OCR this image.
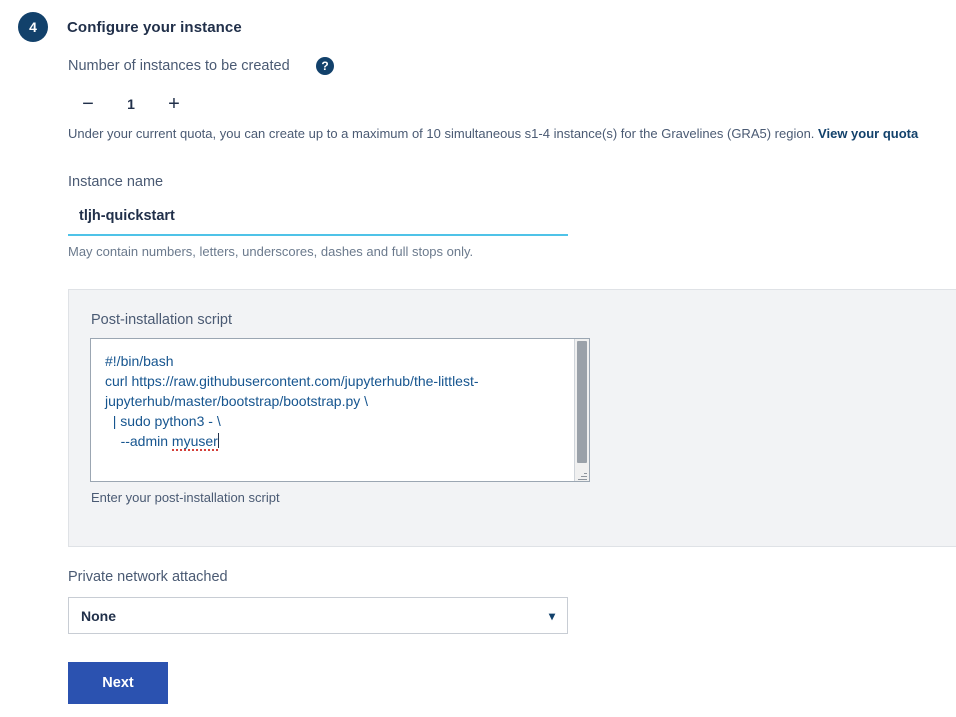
4	Configure your instance
Number of instances to be created	?
−	1	+
Under your current quota, you can create up to a maximum of 10 simultaneous s1-4 instance(s) for the Gravelines (GRA5) region. View your quota
Instance name
tljh-quickstart
May contain numbers, letters, underscores, dashes and full stops only.
Post-installation script
#!/bin/bash
curl https://raw.githubusercontent.com/jupyterhub/the-littlest-
jupyterhub/master/bootstrap/bootstrap.py \
| sudo python3 - \
--admin myuser
Enter your post-installation script
Private network attached
None	▾
Next
